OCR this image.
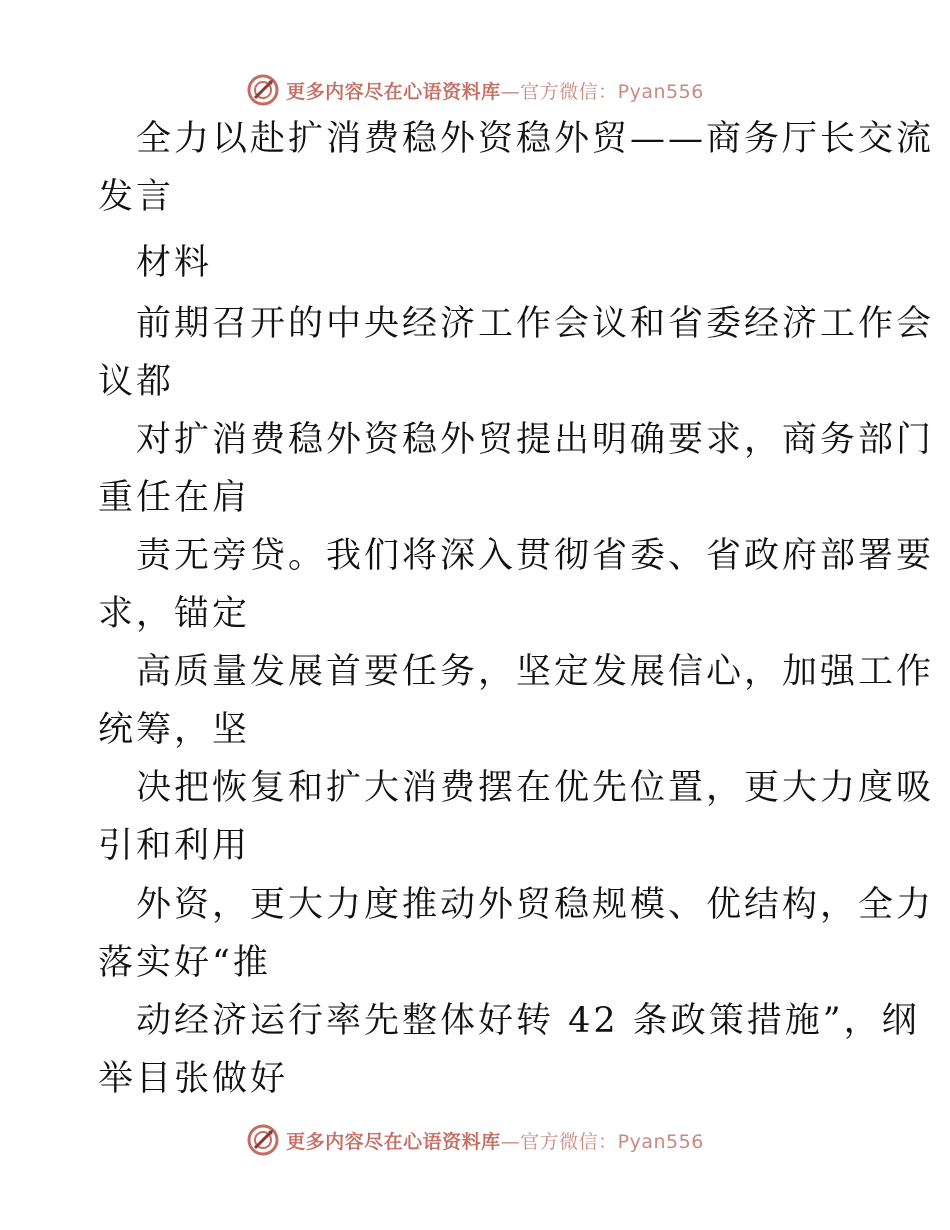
更多内容尽在心语资料库—官方微信：Pyan556
全力以赴扩消费稳外资稳外贸——商务厅长交流
发言
材料
前期召开的中央经济工作会议和省委经济工作会
议都
对扩消费稳外资稳外贸提出明确要求，商务部门
重任在肩
责无旁贷。我们将深入贯彻省委、省政府部署要
求，锚定
高质量发展首要任务，坚定发展信心，加强工作
统筹，坚
决把恢复和扩大消费摆在优先位置，更大力度吸
引和利用
外资，更大力度推动外贸稳规模、优结构，全力
落实好“推
动经济运行率先整体好转 42 条政策措施”，纲
举目张做好
更多内容尽在心语资料库—官方微信：Pyan556
